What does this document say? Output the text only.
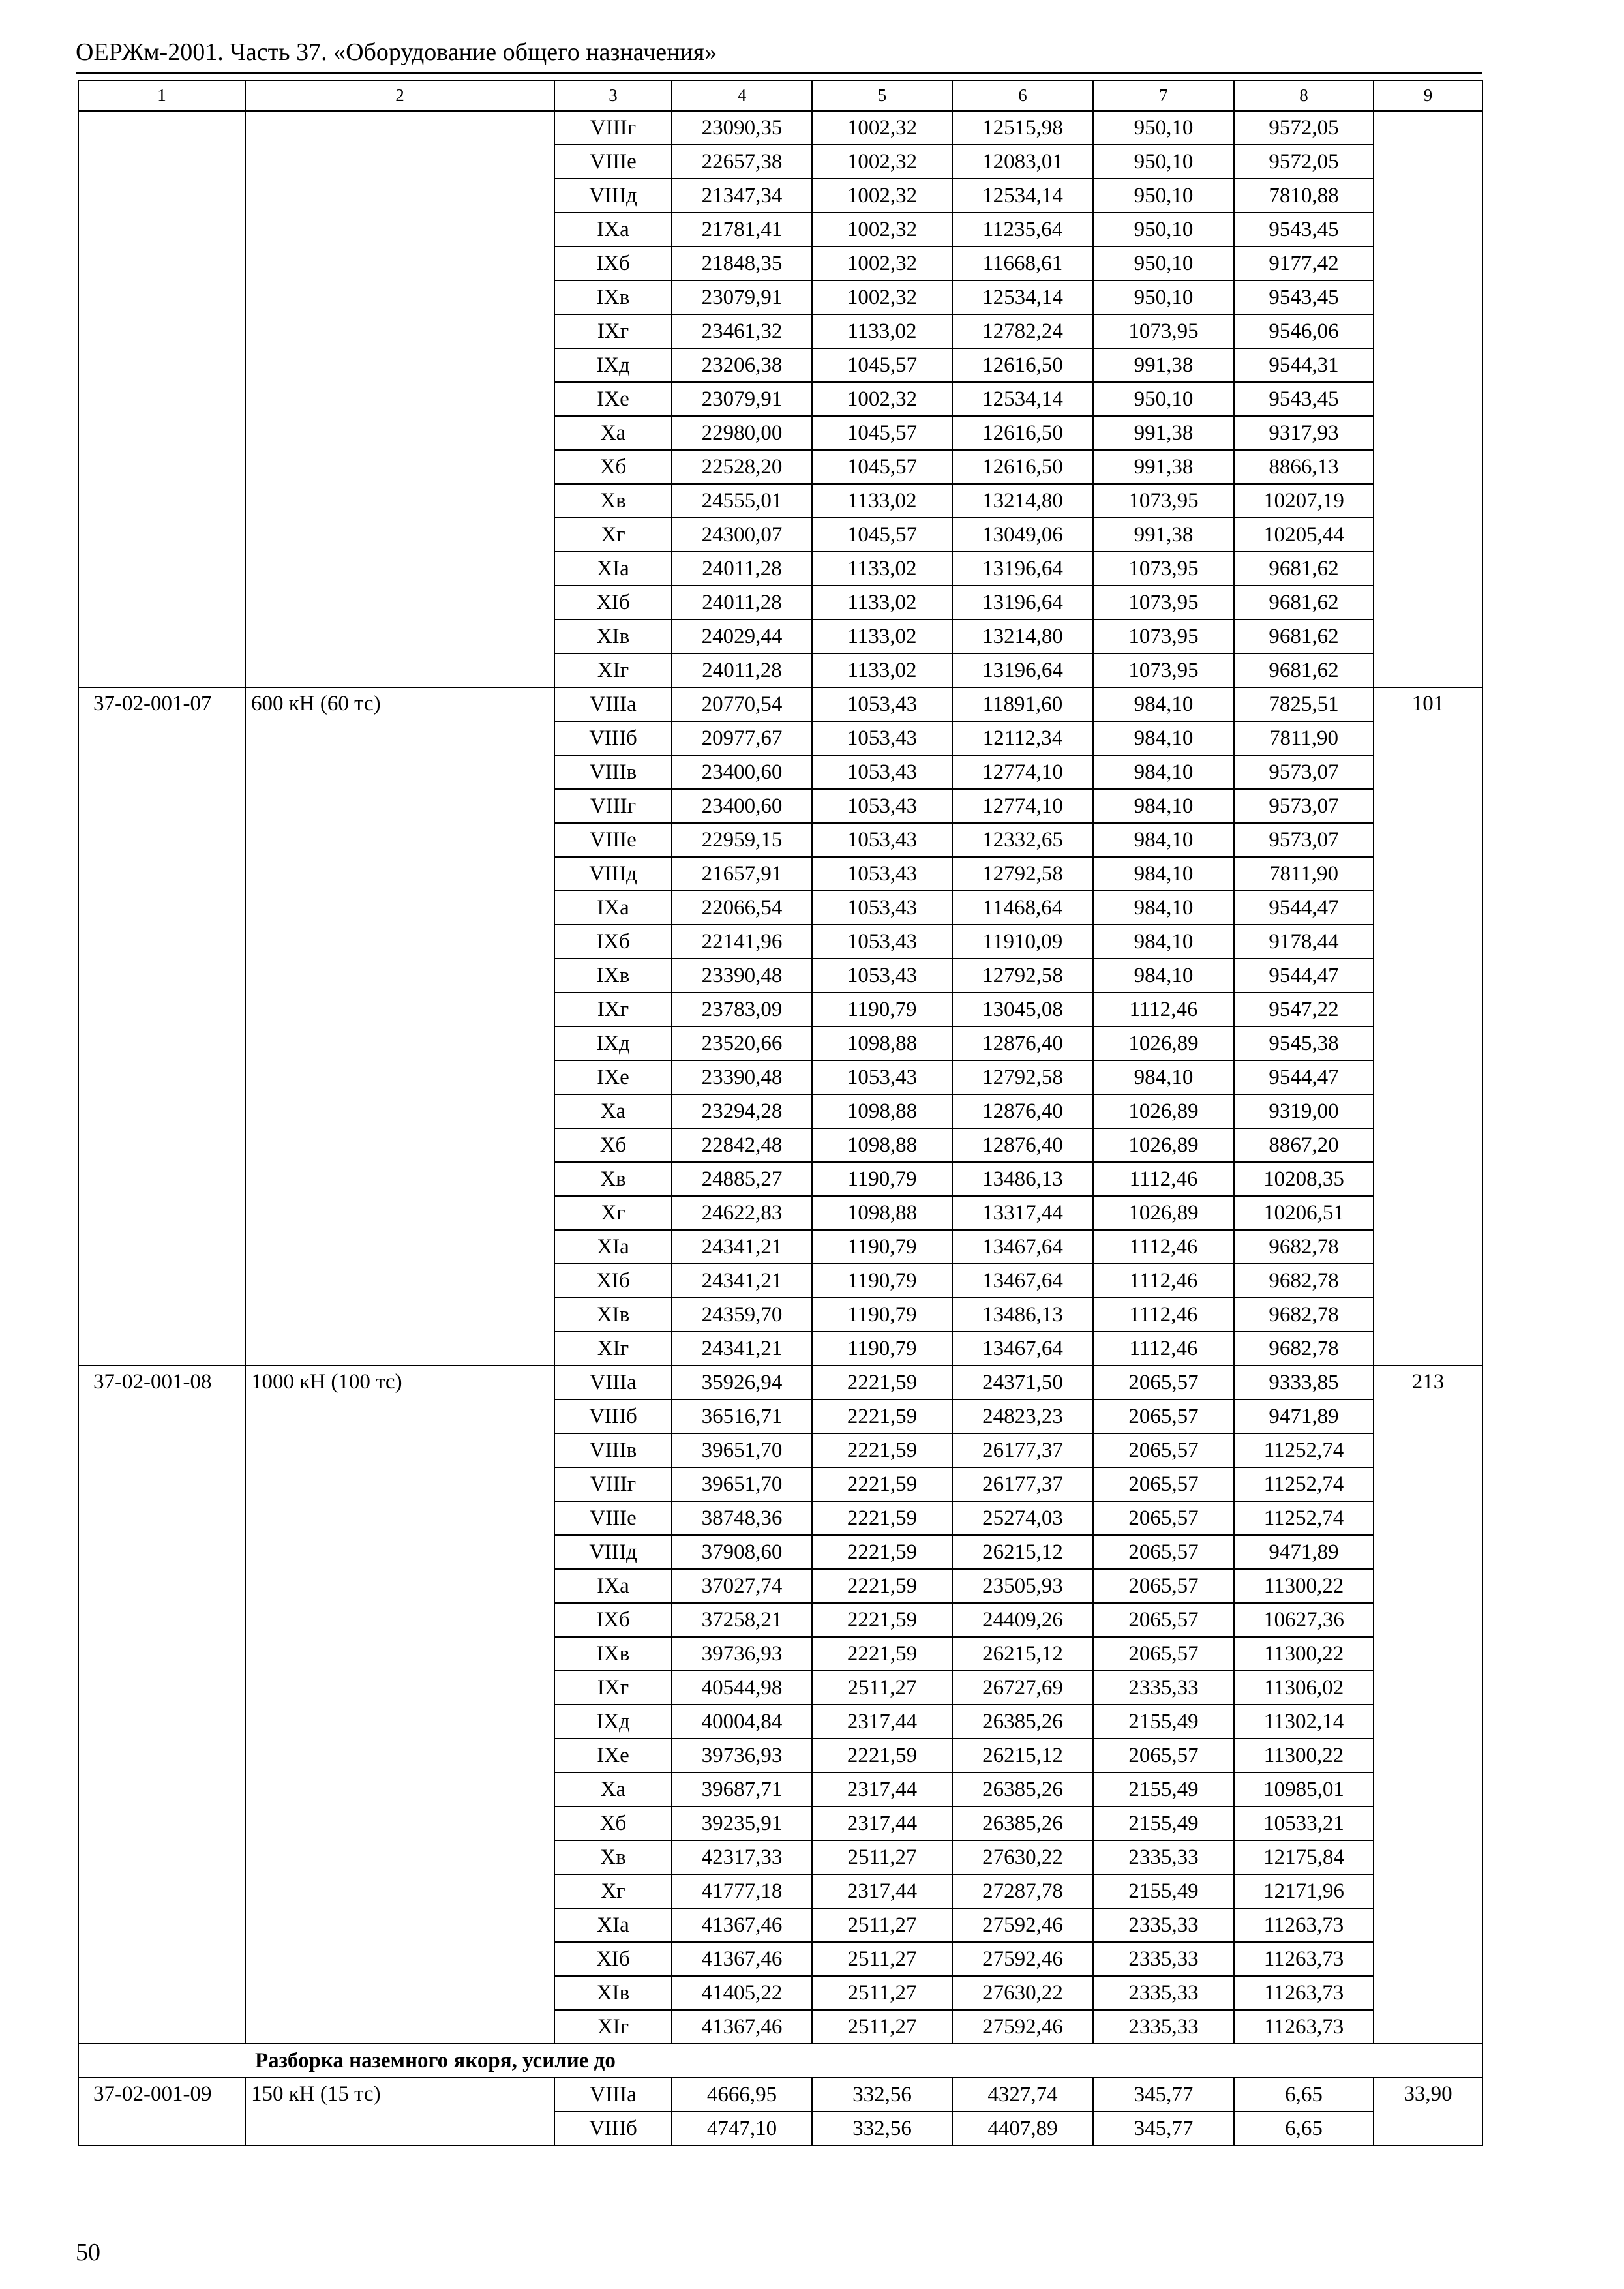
ОЕРЖм-2001. Часть 37. «Оборудование общего назначения»
1	2	3	4	5	6	7	8	9
		VIIIг	23090,35	1002,32	12515,98	950,10	9572,05	
		VIIIе	22657,38	1002,32	12083,01	950,10	9572,05	
		VIIIд	21347,34	1002,32	12534,14	950,10	7810,88	
		IXа	21781,41	1002,32	11235,64	950,10	9543,45	
		IXб	21848,35	1002,32	11668,61	950,10	9177,42	
		IXв	23079,91	1002,32	12534,14	950,10	9543,45	
		IXг	23461,32	1133,02	12782,24	1073,95	9546,06	
		IXд	23206,38	1045,57	12616,50	991,38	9544,31	
		IXе	23079,91	1002,32	12534,14	950,10	9543,45	
		Xа	22980,00	1045,57	12616,50	991,38	9317,93	
		Xб	22528,20	1045,57	12616,50	991,38	8866,13	
		Xв	24555,01	1133,02	13214,80	1073,95	10207,19	
		Xг	24300,07	1045,57	13049,06	991,38	10205,44	
		XIа	24011,28	1133,02	13196,64	1073,95	9681,62	
		XIб	24011,28	1133,02	13196,64	1073,95	9681,62	
		XIв	24029,44	1133,02	13214,80	1073,95	9681,62	
		XIг	24011,28	1133,02	13196,64	1073,95	9681,62	
37-02-001-07	600 кН (60 тс)	VIIIа	20770,54	1053,43	11891,60	984,10	7825,51	101
		VIIIб	20977,67	1053,43	12112,34	984,10	7811,90	
		VIIIв	23400,60	1053,43	12774,10	984,10	9573,07	
		VIIIг	23400,60	1053,43	12774,10	984,10	9573,07	
		VIIIе	22959,15	1053,43	12332,65	984,10	9573,07	
		VIIIд	21657,91	1053,43	12792,58	984,10	7811,90	
		IXа	22066,54	1053,43	11468,64	984,10	9544,47	
		IXб	22141,96	1053,43	11910,09	984,10	9178,44	
		IXв	23390,48	1053,43	12792,58	984,10	9544,47	
		IXг	23783,09	1190,79	13045,08	1112,46	9547,22	
		IXд	23520,66	1098,88	12876,40	1026,89	9545,38	
		IXе	23390,48	1053,43	12792,58	984,10	9544,47	
		Xа	23294,28	1098,88	12876,40	1026,89	9319,00	
		Xб	22842,48	1098,88	12876,40	1026,89	8867,20	
		Xв	24885,27	1190,79	13486,13	1112,46	10208,35	
		Xг	24622,83	1098,88	13317,44	1026,89	10206,51	
		XIа	24341,21	1190,79	13467,64	1112,46	9682,78	
		XIб	24341,21	1190,79	13467,64	1112,46	9682,78	
		XIв	24359,70	1190,79	13486,13	1112,46	9682,78	
		XIг	24341,21	1190,79	13467,64	1112,46	9682,78	
37-02-001-08	1000 кН (100 тс)	VIIIа	35926,94	2221,59	24371,50	2065,57	9333,85	213
		VIIIб	36516,71	2221,59	24823,23	2065,57	9471,89	
		VIIIв	39651,70	2221,59	26177,37	2065,57	11252,74	
		VIIIг	39651,70	2221,59	26177,37	2065,57	11252,74	
		VIIIе	38748,36	2221,59	25274,03	2065,57	11252,74	
		VIIIд	37908,60	2221,59	26215,12	2065,57	9471,89	
		IXа	37027,74	2221,59	23505,93	2065,57	11300,22	
		IXб	37258,21	2221,59	24409,26	2065,57	10627,36	
		IXв	39736,93	2221,59	26215,12	2065,57	11300,22	
		IXг	40544,98	2511,27	26727,69	2335,33	11306,02	
		IXд	40004,84	2317,44	26385,26	2155,49	11302,14	
		IXе	39736,93	2221,59	26215,12	2065,57	11300,22	
		Xа	39687,71	2317,44	26385,26	2155,49	10985,01	
		Xб	39235,91	2317,44	26385,26	2155,49	10533,21	
		Xв	42317,33	2511,27	27630,22	2335,33	12175,84	
		Xг	41777,18	2317,44	27287,78	2155,49	12171,96	
		XIа	41367,46	2511,27	27592,46	2335,33	11263,73	
		XIб	41367,46	2511,27	27592,46	2335,33	11263,73	
		XIв	41405,22	2511,27	27630,22	2335,33	11263,73	
		XIг	41367,46	2511,27	27592,46	2335,33	11263,73	
Разборка наземного якоря, усилие до								
37-02-001-09	150 кН (15 тс)	VIIIа	4666,95	332,56	4327,74	345,77	6,65	33,90
		VIIIб	4747,10	332,56	4407,89	345,77	6,65	
50
